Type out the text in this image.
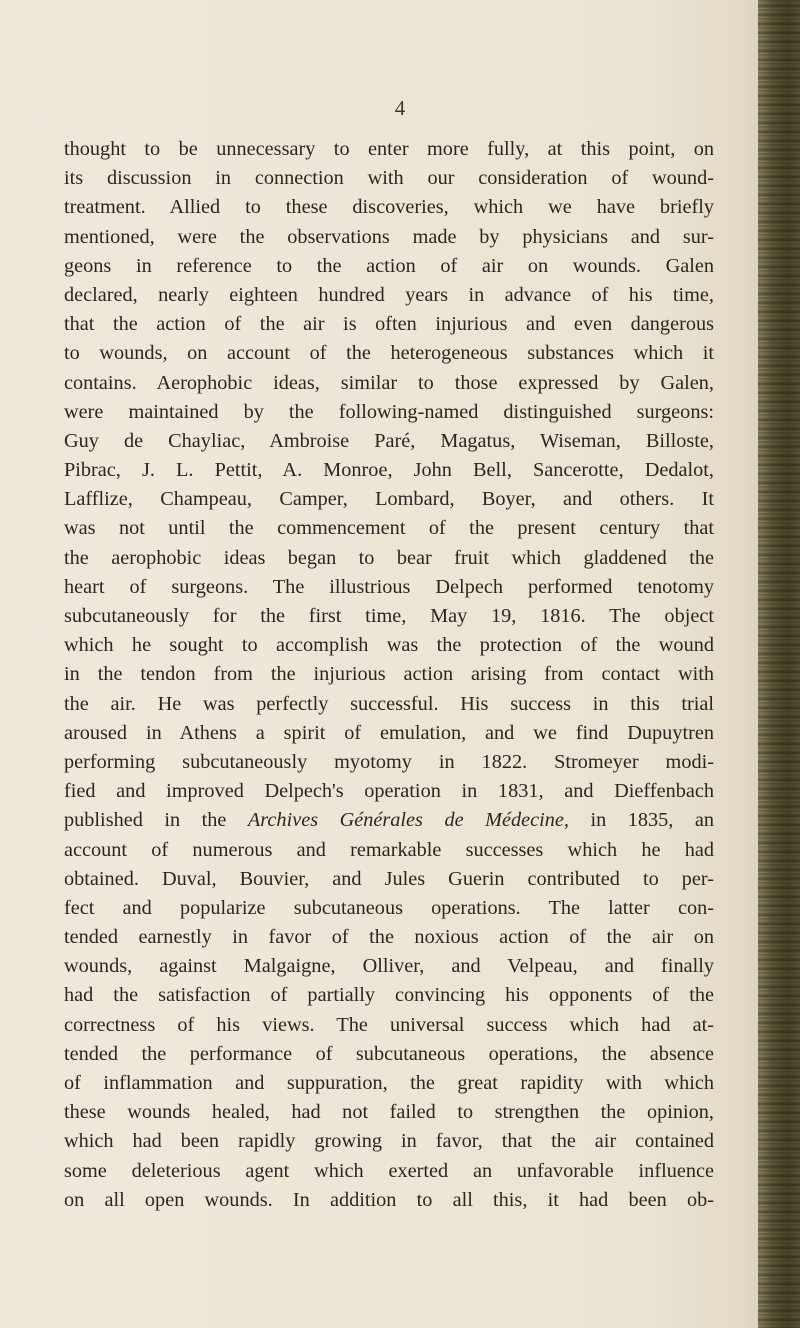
4
thought to be unnecessary to enter more fully, at this point, on
its discussion in connection with our consideration of wound-
treatment. Allied to these discoveries, which we have briefly
mentioned, were the observations made by physicians and sur-
geons in reference to the action of air on wounds. Galen
declared, nearly eighteen hundred years in advance of his time,
that the action of the air is often injurious and even dangerous
to wounds, on account of the heterogeneous substances which it
contains. Aerophobic ideas, similar to those expressed by Galen,
were maintained by the following-named distinguished surgeons:
Guy de Chayliac, Ambroise Paré, Magatus, Wiseman, Billoste,
Pibrac, J. L. Pettit, A. Monroe, John Bell, Sancerotte, Dedalot,
Lafflize, Champeau, Camper, Lombard, Boyer, and others. It
was not until the commencement of the present century that
the aerophobic ideas began to bear fruit which gladdened the
heart of surgeons. The illustrious Delpech performed tenotomy
subcutaneously for the first time, May 19, 1816. The object
which he sought to accomplish was the protection of the wound
in the tendon from the injurious action arising from contact with
the air. He was perfectly successful. His success in this trial
aroused in Athens a spirit of emulation, and we find Dupuytren
performing subcutaneously myotomy in 1822. Stromeyer modi-
fied and improved Delpech's operation in 1831, and Dieffenbach
published in the Archives Générales de Médecine, in 1835, an
account of numerous and remarkable successes which he had
obtained. Duval, Bouvier, and Jules Guerin contributed to per-
fect and popularize subcutaneous operations. The latter con-
tended earnestly in favor of the noxious action of the air on
wounds, against Malgaigne, Olliver, and Velpeau, and finally
had the satisfaction of partially convincing his opponents of the
correctness of his views. The universal success which had at-
tended the performance of subcutaneous operations, the absence
of inflammation and suppuration, the great rapidity with which
these wounds healed, had not failed to strengthen the opinion,
which had been rapidly growing in favor, that the air contained
some deleterious agent which exerted an unfavorable influence
on all open wounds. In addition to all this, it had been ob-
